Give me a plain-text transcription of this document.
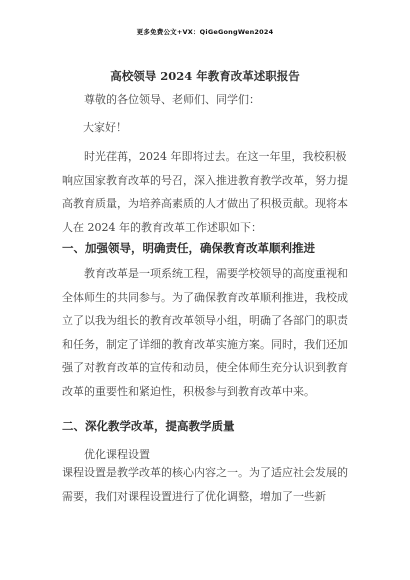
更多免费公文+VX：QiGeGongWen2024
高校领导 2024 年教育改革述职报告
尊敬的各位领导、老师们、同学们：
大家好！
时光荏苒，2024 年即将过去。在这一年里，我校积极响应国家教育改革的号召，深入推进教育教学改革，努力提高教育质量，为培养高素质的人才做出了积极贡献。现将本人在 2024 年的教育改革工作述职如下：
一、加强领导，明确责任，确保教育改革顺利推进
教育改革是一项系统工程，需要学校领导的高度重视和全体师生的共同参与。为了确保教育改革顺利推进，我校成立了以我为组长的教育改革领导小组，明确了各部门的职责和任务，制定了详细的教育改革实施方案。同时，我们还加强了对教育改革的宣传和动员，使全体师生充分认识到教育改革的重要性和紧迫性，积极参与到教育改革中来。
二、深化教学改革，提高教学质量
优化课程设置
课程设置是教学改革的核心内容之一。为了适应社会发展的需要，我们对课程设置进行了优化调整，增加了一些新
